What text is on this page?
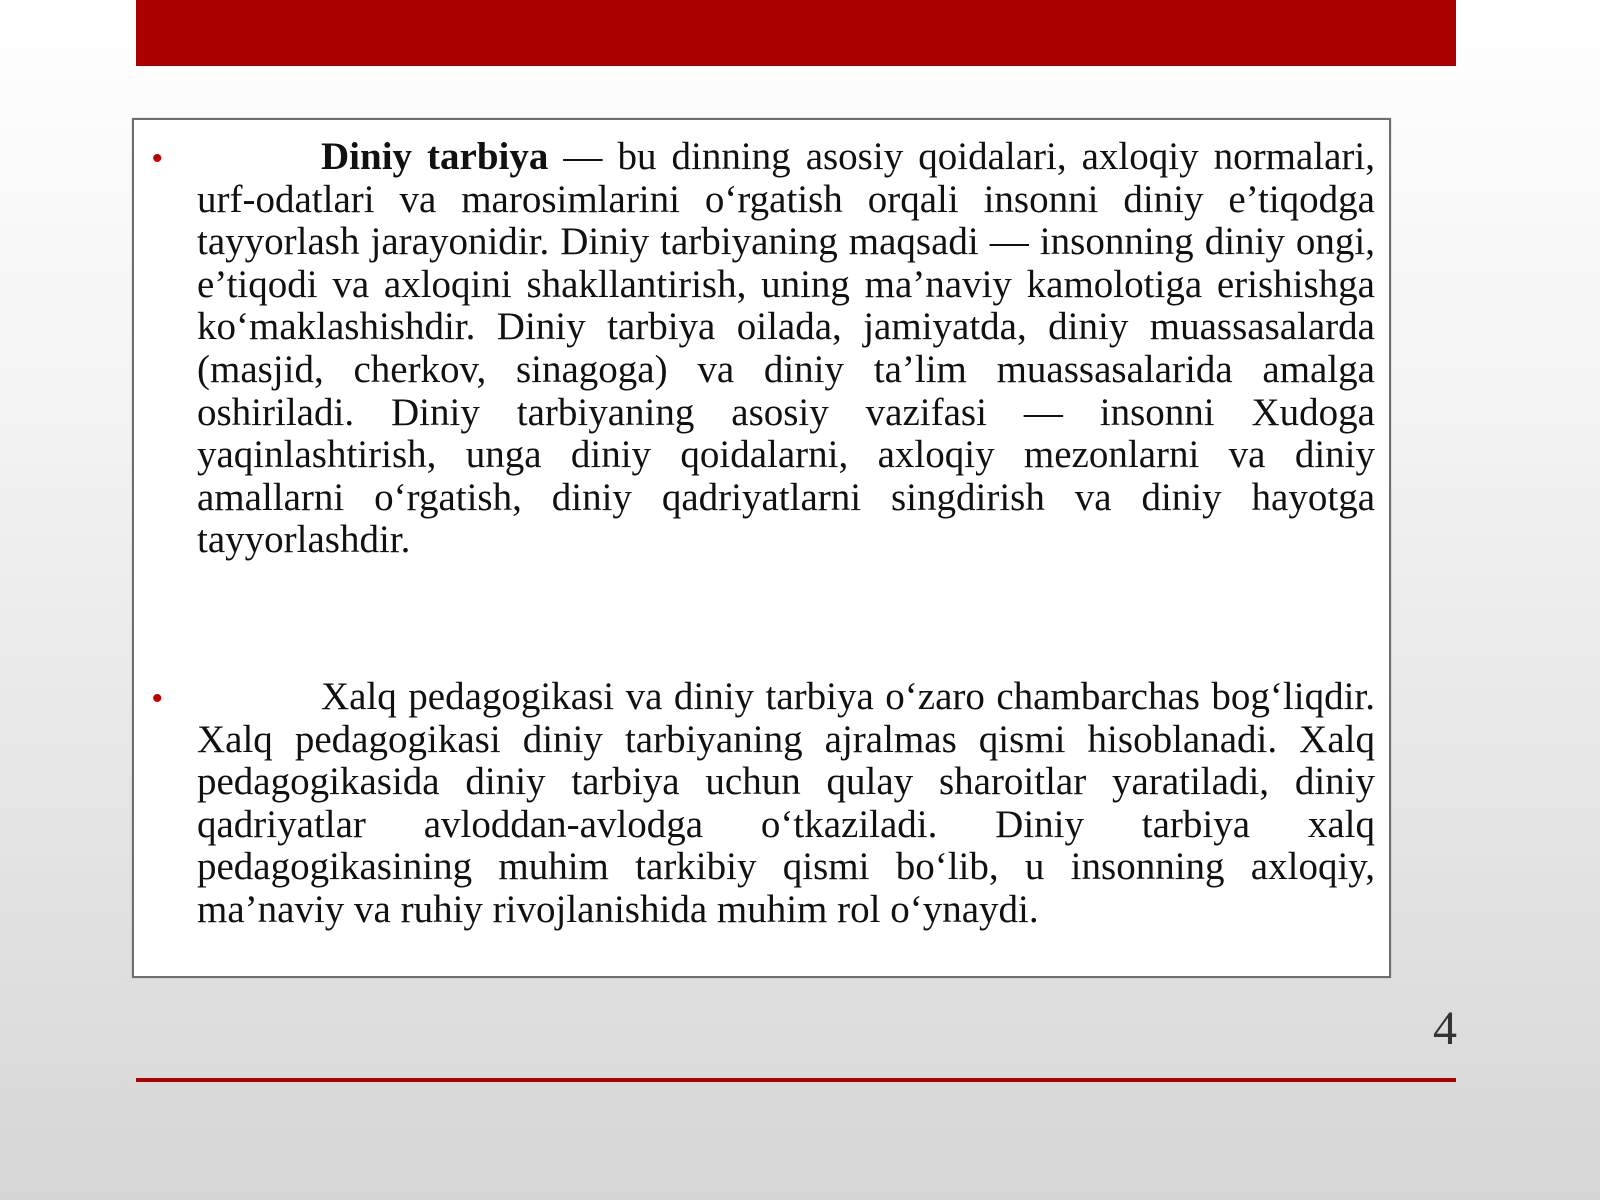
•	Diniy tarbiya — bu dinning asosiy qoidalari, axloqiy normalari, urf-odatlari va marosimlarini oʻrgatish orqali insonni diniy e’tiqodga tayyorlash jarayonidir. Diniy tarbiyaning maqsadi — insonning diniy ongi, e’tiqodi va axloqini shakllantirish, uning ma’naviy kamolotiga erishishga koʻmaklashishdir. Diniy tarbiya oilada, jamiyatda, diniy muassasalarda (masjid, cherkov, sinagoga) va diniy ta’lim muassasalarida amalga oshiriladi. Diniy tarbiyaning asosiy vazifasi — insonni Xudoga yaqinlashtirish, unga diniy qoidalarni, axloqiy mezonlarni va diniy amallarni oʻrgatish, diniy qadriyatlarni singdirish va diniy hayotga tayyorlashdir.

•	Xalq pedagogikasi va diniy tarbiya oʻzaro chambarchas bogʻliqdir. Xalq pedagogikasi diniy tarbiyaning ajralmas qismi hisoblanadi. Xalq pedagogikasida diniy tarbiya uchun qulay sharoitlar yaratiladi, diniy qadriyatlar avloddan-avlodga oʻtkaziladi. Diniy tarbiya xalq pedagogikasining muhim tarkibiy qismi boʻlib, u insonning axloqiy, ma’naviy va ruhiy rivojlanishida muhim rol oʻynaydi.

4
